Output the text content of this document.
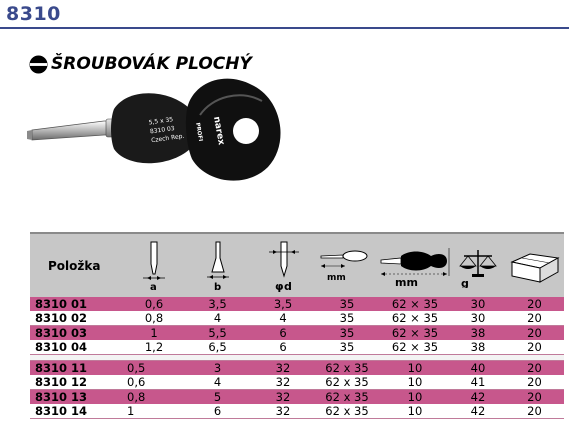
8310
ŠROUBOVÁK PLOCHÝ
5,5 x 35
8310 03
Czech Rep.	narex
PROFI
Položka	a	b	φ d	mm	mm	g

8310 01	0,6	3,5	3,5	35	62 × 35	30	20
8310 02	0,8	4	4	35	62 × 35	30	20
8310 03	1	5,5	6	35	62 × 35	38	20
8310 04	1,2	6,5	6	35	62 × 35	38	20

8310 11	0,5	3	32	62 x 35	10	40	20
8310 12	0,6	4	32	62 x 35	10	41	20
8310 13	0,8	5	32	62 x 35	10	42	20
8310 14	1	6	32	62 x 35	10	42	20
